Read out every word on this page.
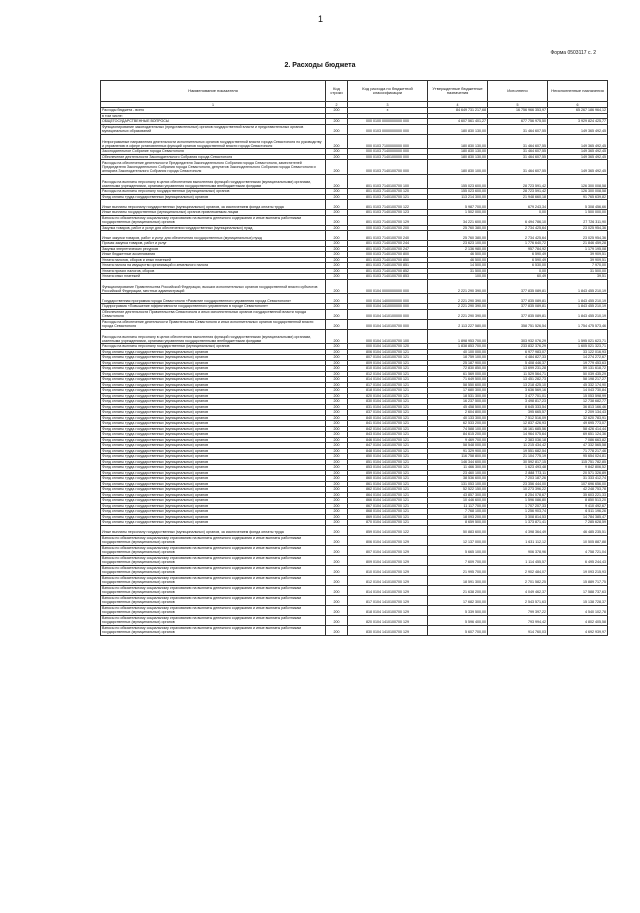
1
Форма 0503117 с. 2
2. Расходы бюджета
Наименование показателя	Код строки	Код расхода по бюджетной классификации	Утвержденные бюджетные назначения	Исполнено	Неисполненные назначения
1	2	3	4	5	6
Расходы бюджета - всего	200	x	84 649 731 217,68	16 756 966 353,97	65 267 186 964,12
в том числе:					
ОБЩЕГОСУДАРСТВЕННЫЕ ВОПРОСЫ	200	000 0100 0000000000 000	4 607 561 401,27	677 756 975,50	3 929 824 425,77
Функционирование законодательных (представительных) органов государственной власти и представительных органов муниципальных образований	200	000 0103 0000000000 000	180 830 130,00	31 464 607,55	149 365 492,45
Непрограммные направления деятельности исполнительных органов государственной власти города Севастополя по руководству и управлению в сфере установленных функций органов государственной власти города Севастополя	200	000 0103 7100000000 000	180 830 130,00	31 464 607,55	149 365 492,45
Законодательное Собрание города Севастополя	200	000 0103 7140000000 000	180 830 130,00	31 464 607,55	149 365 492,45
Обеспечение деятельности Законодательного Собрания города Севастополя	200	000 0103 7140100000 000	180 830 130,00	31 464 607,55	149 365 492,45
Расходы на обеспечение деятельности Председателя Законодательного Собрания города Севастополя, заместителей Председателя Законодательного Собрания города Севастополя, депутатов Законодательного Собрания города Севастополя и аппарата Законодательного Собрания города Севастополя	200	000 0103 7140100700 000	180 830 100,00	31 464 607,55	149 365 492,45
Расходы на выплаты персоналу в целях обеспечения выполнения функций государственными (муниципальными) органами, казенными учреждениями, органами управления государственными внебюджетными фондами	200	801 0103 7140100700 100	155 023 600,00	28 723 591,42	126 300 008,58
Расходы на выплаты персоналу государственных (муниципальных) органов	200	801 0103 7140100700 120	155 023 600,00	28 723 591,42	126 300 008,58
Фонд оплаты труда государственных (муниципальных) органов	200	801 0103 7140100700 121	113 214 300,00	21 948 660,18	91 765 639,82
Иные выплаты персоналу государственных (муниципальных) органов, за исключением фонда оплаты труда	200	801 0103 7140100700 122	5 987 700,00	679 243,34	5 308 456,66
Иные выплаты государственных (муниципальных) органов привлекаемым лицам	200	801 0103 7140100700 123	1 502 000,00	0,00	1 500 000,00
Взносы по обязательному социальному страхованию на выплаты денежного содержания и иные выплаты работникам государственных (муниципальных) органов	200	801 0103 7140100700 129	34 221 600,00	6 494 786,10	27 726 311,90
Закупка товаров, работ и услуг для обеспечения государственных (муниципальных) нужд	200	000 0103 7140100700 200	25 760 380,00	2 734 425,64	23 025 954,36
Иные закупки товаров, работ и услуг для обеспечения государственных (муниципальных) нужд	200	801 0103 7140100700 240	25 760 380,00	2 734 425,64	23 025 954,36
Прочая закупка товаров, работ и услуг	200	801 0103 7140100700 244	23 623 100,00	1 776 640,72	21 846 459,28
Закупка энергетических ресурсов	200	801 0103 7140100700 247	2 136 980,00	957 784,92	1 179 195,08
Иные бюджетные ассигнования	200	000 0103 7140100700 800	46 500,00	6 590,49	39 909,51
Уплата налогов, сборов и иных платежей	200	801 0103 7140100700 850	46 500,00	6 590,49	39 909,51
Уплата налога на имущество организаций и земельного налога	200	801 0103 7140100700 851	14 500,00	6 530,00	7 970,00
Уплата прочих налогов, сборов	200	801 0103 7140100700 852	31 500,00	0,00	31 500,00
Уплата иных платежей	200	801 0103 7140100700 853	100,00	60,49	39,51
Функционирование Правительства Российской Федерации, высших исполнительных органов государственной власти субъектов Российской Федерации, местных администраций	200	000 0104 0000000000 000	2 221 290 390,00	377 835 089,81	1 843 455 210,19
Государственная программа города Севастополя «Развитие государственного управления города Севастополя»	200	000 0104 1400000000 000	2 221 290 390,00	377 835 089,81	1 843 455 210,19
Подпрограмма «Повышение эффективности государственного управления в городе Севастополе»	200	000 0104 1410000000 000	2 221 290 390,00	377 835 089,81	1 843 455 210,19
Обеспечение деятельности Правительства Севастополя и иных исполнительных органов государственной власти города Севастополя	200	000 0104 1410100000 000	2 221 290 390,00	377 835 089,81	1 843 455 210,19
Расходы на обеспечение деятельности Правительства Севастополя и иных исполнительных органов государственной власти города Севастополя	200	000 0104 1410100700 000	2 113 227 580,00	358 751 526,54	1 754 475 573,46
Расходы на выплаты персоналу в целях обеспечения выполнения функций государственными (муниципальными) органами, казенными учреждениями, органами управления государственными внебюджетными фондами	200	000 0104 1410100700 100	1 898 953 700,00	303 932 076,29	1 595 021 623,71
Расходы на выплаты персоналу государственных (муниципальных) органов	200	000 0104 1410100700 120	1 838 853 700,00	233 832 376,29	1 605 021 323,71
Фонд оплаты труда государственных (муниципальных) органов	200	806 0104 1410100700 121	40 100 000,00	6 977 983,07	33 122 016,93
Фонд оплаты труда государственных (муниципальных) органов	200	807 0104 1410100700 121	18 759 100,00	4 484 827,33	14 274 272,67
Фонд оплаты труда государственных (муниципальных) органов	200	809 0104 1410100700 121	25 187 900,00	5 408 446,37	19 779 453,63
Фонд оплаты труда государственных (муниципальных) органов	200	810 0104 1410100700 121	72 830 850,00	13 699 231,28	59 131 618,72
Фонд оплаты труда государственных (муниципальных) органов	200	812 0104 1410100700 121	61 569 000,00	11 529 564,71	50 039 435,29
Фонд оплаты труда государственных (муниципальных) органов	200	814 0104 1410100700 121	71 649 500,00	13 451 282,73	58 198 217,27
Фонд оплаты труда государственных (муниципальных) органов	200	817 0104 1410100700 121	58 550 600,00	13 218 425,10	45 332 174,90
Фонд оплаты труда государственных (муниципальных) органов	200	818 0104 1410100700 121	17 680 300,00	3 636 569,16	14 043 730,84
Фонд оплаты труда государственных (муниципальных) органов	200	820 0104 1410100700 121	18 531 300,00	3 477 701,01	15 053 598,99
Фонд оплаты труда государственных (муниципальных) органов	200	830 0104 1410100700 121	16 237 500,00	3 498 817,23	12 738 682,77
Фонд оплаты труда государственных (муниципальных) органов	200	831 0104 1410100700 121	45 458 500,00	8 645 333,54	36 813 166,46
Фонд оплаты труда государственных (муниципальных) органов	200	837 0104 1410100700 121	2 604 800,00	395 665,57	2 209 134,43
Фонд оплаты труда государственных (муниципальных) органов	200	840 0104 1410100700 121	40 133 300,00	7 512 516,09	32 620 783,91
Фонд оплаты труда государственных (муниципальных) органов	200	841 0104 1410100700 121	62 533 200,00	12 837 426,93	49 695 773,07
Фонд оплаты труда государственных (муниципальных) органов	200	842 0104 1410100700 121	74 588 100,00	16 161 685,56	58 426 414,44
Фонд оплаты труда государственных (муниципальных) органов	200	843 0104 1410100700 121	84 615 200,00	14 964 075,64	69 651 124,36
Фонд оплаты труда государственных (муниципальных) органов	200	846 0104 1410100700 121	9 469 700,00	2 383 036,18	7 086 663,82
Фонд оплаты труда государственных (муниципальных) органов	200	847 0104 1410100700 121	58 548 000,00	11 215 434,42	47 332 565,58
Фонд оплаты труда государственных (муниципальных) органов	200	848 0104 1410100700 121	91 329 900,00	19 551 682,54	71 778 217,46
Фонд оплаты труда государственных (муниципальных) органов	200	850 0104 1410100700 121	116 758 800,00	21 104 775,19	95 654 024,81
Фонд оплаты труда государственных (муниципальных) органов	200	851 0104 1410100700 121	146 344 600,00	30 592 817,15	115 751 782,85
Фонд оплаты труда государственных (муниципальных) органов	200	853 0104 1410100700 121	11 466 300,00	1 623 493,48	9 842 806,52
Фонд оплаты труда государственных (муниципальных) органов	200	859 0104 1410100700 121	23 460 100,00	2 888 773,11	20 571 326,89
Фонд оплаты труда государственных (муниципальных) органов	200	860 0104 1410100700 121	38 536 600,00	7 203 187,26	31 333 412,74
Фонд оплаты труда государственных (муниципальных) органов	200	861 0104 1410100700 121	131 053 100,00	23 356 444,00	107 696 656,00
Фонд оплаты труда государственных (муниципальных) органов	200	862 0104 1410100700 121	52 522 150,00	10 273 396,22	42 248 753,78
Фонд оплаты труда государственных (муниципальных) органов	200	864 0104 1410100700 121	43 857 300,00	8 254 078,67	35 603 221,33
Фонд оплаты труда государственных (муниципальных) органов	200	866 0104 1410100700 121	10 446 600,00	1 596 086,80	8 850 513,20
Фонд оплаты труда государственных (муниципальных) органов	200	867 0104 1410100700 121	11 117 700,00	1 707 207,33	9 410 492,67
Фонд оплаты труда государственных (муниципальных) органов	200	868 0104 1410100700 121	7 768 100,00	1 256 903,74	6 511 196,26
Фонд оплаты труда государственных (муниципальных) органов	200	869 0104 1410100700 121	18 093 200,00	3 308 814,53	14 784 385,47
Фонд оплаты труда государственных (муниципальных) органов	200	870 0104 1410100700 121	8 659 500,00	1 373 871,41	7 285 628,59
Иные выплаты персоналу государственных (муниципальных) органов, за исключением фонда оплаты труда	200	859 0104 1410100700 122	50 883 600,00	4 398 364,49	46 485 235,51
Взносы по обязательному социальному страхованию на выплаты денежного содержания и иные выплаты работникам государственных (муниципальных) органов	200	806 0104 1410100700 129	12 137 000,00	1 631 112,12	10 505 887,88
Взносы по обязательному социальному страхованию на выплаты денежного содержания и иные выплаты работникам государственных (муниципальных) органов	200	807 0104 1410100700 129	5 665 100,00	906 378,96	4 758 721,04
Взносы по обязательному социальному страхованию на выплаты денежного содержания и иные выплаты работникам государственных (муниципальных) органов	200	809 0104 1410100700 129	7 609 700,00	1 114 455,57	6 495 244,43
Взносы по обязательному социальному страхованию на выплаты денежного содержания и иные выплаты работникам государственных (муниципальных) органов	200	810 0104 1410100700 129	21 995 700,00	2 902 484,07	19 093 215,93
Взносы по обязательному социальному страхованию на выплаты денежного содержания и иные выплаты работникам государственных (муниципальных) органов	200	812 0104 1410100700 129	18 591 300,00	2 701 582,25	15 889 717,75
Взносы по обязательному социальному страхованию на выплаты денежного содержания и иные выплаты работникам государственных (муниципальных) органов	200	814 0104 1410100700 129	21 638 200,00	4 049 462,37	17 588 737,63
Взносы по обязательному социальному страхованию на выплаты денежного содержания и иные выплаты работникам государственных (муниципальных) органов	200	817 0104 1410100700 129	17 682 300,00	2 543 571,63	15 138 728,37
Взносы по обязательному социальному страхованию на выплаты денежного содержания и иные выплаты работникам государственных (муниципальных) органов	200	818 0104 1410100700 129	5 339 500,00	799 397,22	4 540 102,78
Взносы по обязательному социальному страхованию на выплаты денежного содержания и иные выплаты работникам государственных (муниципальных) органов	200	820 0104 1410100700 129	5 596 400,00	793 994,42	4 802 405,58
Взносы по обязательному социальному страхованию на выплаты денежного содержания и иные выплаты работникам государственных (муниципальных) органов	200	830 0104 1410100700 129	5 607 700,00	914 760,03	4 692 939,97
